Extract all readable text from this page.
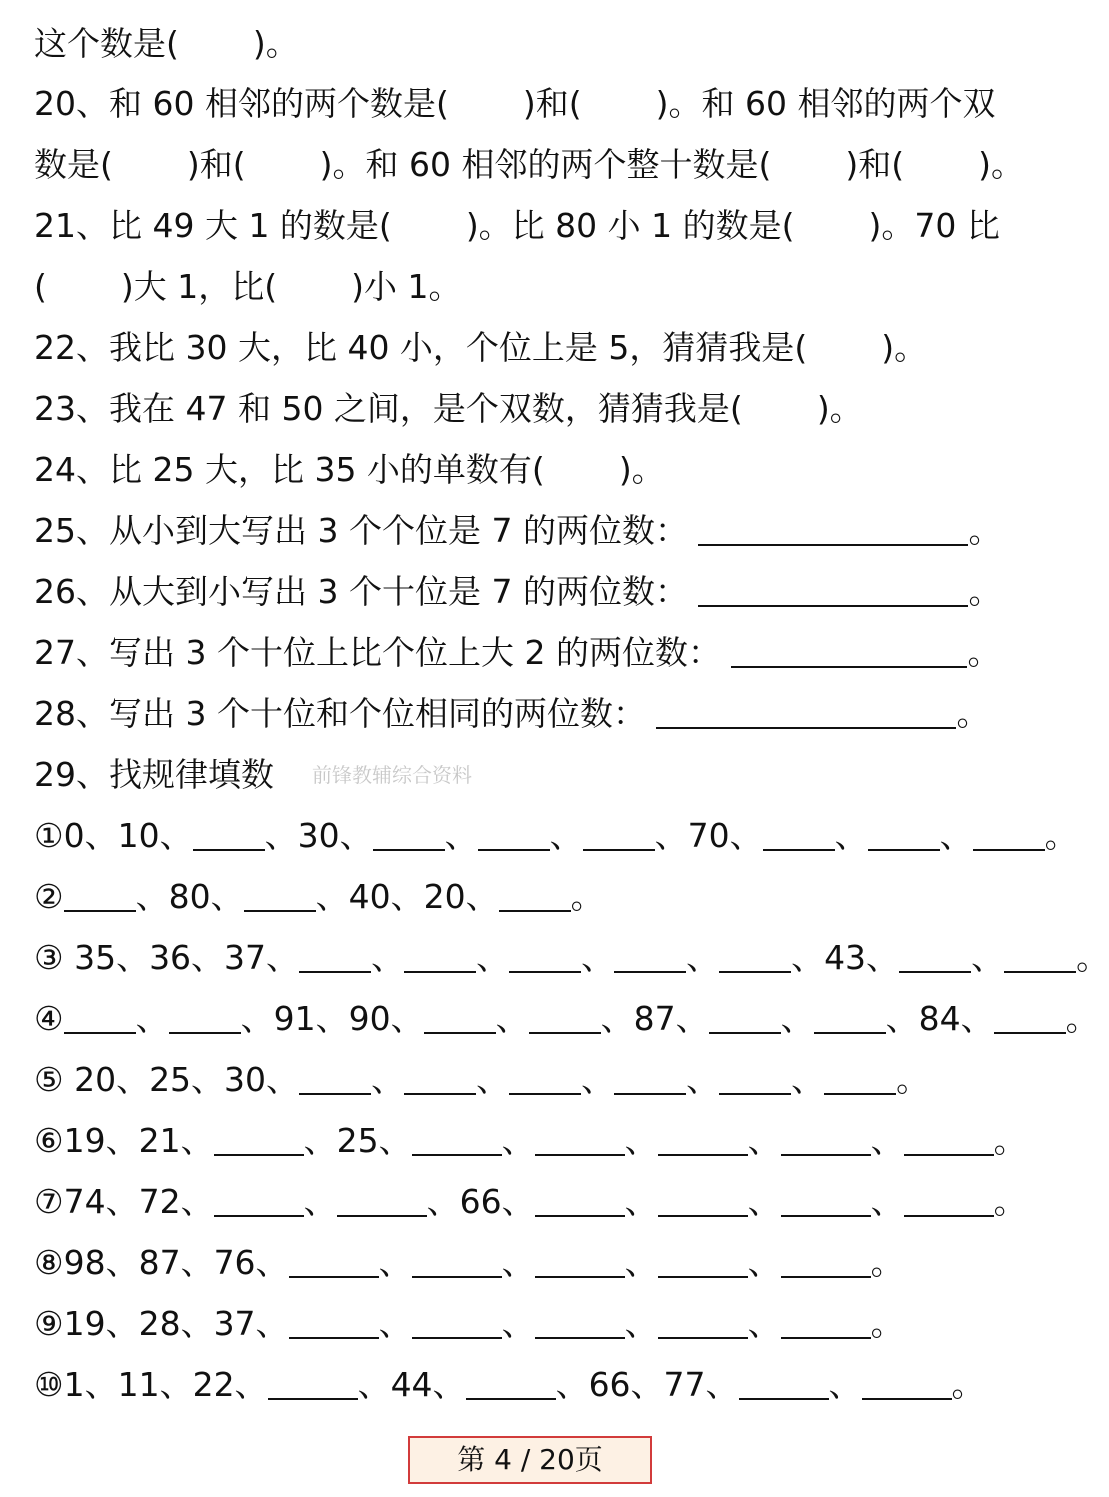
这个数是( )。
20、和 60 相邻的两个数是( )和( )。和 60 相邻的两个双
数是( )和( )。和 60 相邻的两个整十数是( )和( )。
21、比 49 大 1 的数是( )。比 80 小 1 的数是( )。70 比
( )大 1，比( )小 1。
22、我比 30 大，比 40 小，个位上是 5，猜猜我是( )。
23、我在 47 和 50 之间，是个双数，猜猜我是( )。
24、比 25 大，比 35 小的单数有( )。
25、从小到大写出 3 个个位是 7 的两位数：	。
26、从大到小写出 3 个十位是 7 的两位数：	。
27、写出 3 个十位上比个位上大 2 的两位数：	。
28、写出 3 个十位和个位相同的两位数：	。
29、找规律填数 前锋教辅综合资料
①0、10、 、30、 、 、 、70、 、 、 。
② 、80、 、40、20、 。
③ 35、36、37、 、 、 、 、 、43、 、 。
④ 、 、91、90、 、 、87、 、 、84、 。
⑤ 20、25、30、 、 、 、 、 、 。
⑥19、21、	、25、	、	、	、	、	。
⑦74、72、	、	、66、	、	、	、	。
⑧98、87、76、	、	、	、	、	。
⑨19、28、37、	、	、	、	、	。
⑩1、11、22、	、44、	、66、77、	、	。
第 4 / 20页
